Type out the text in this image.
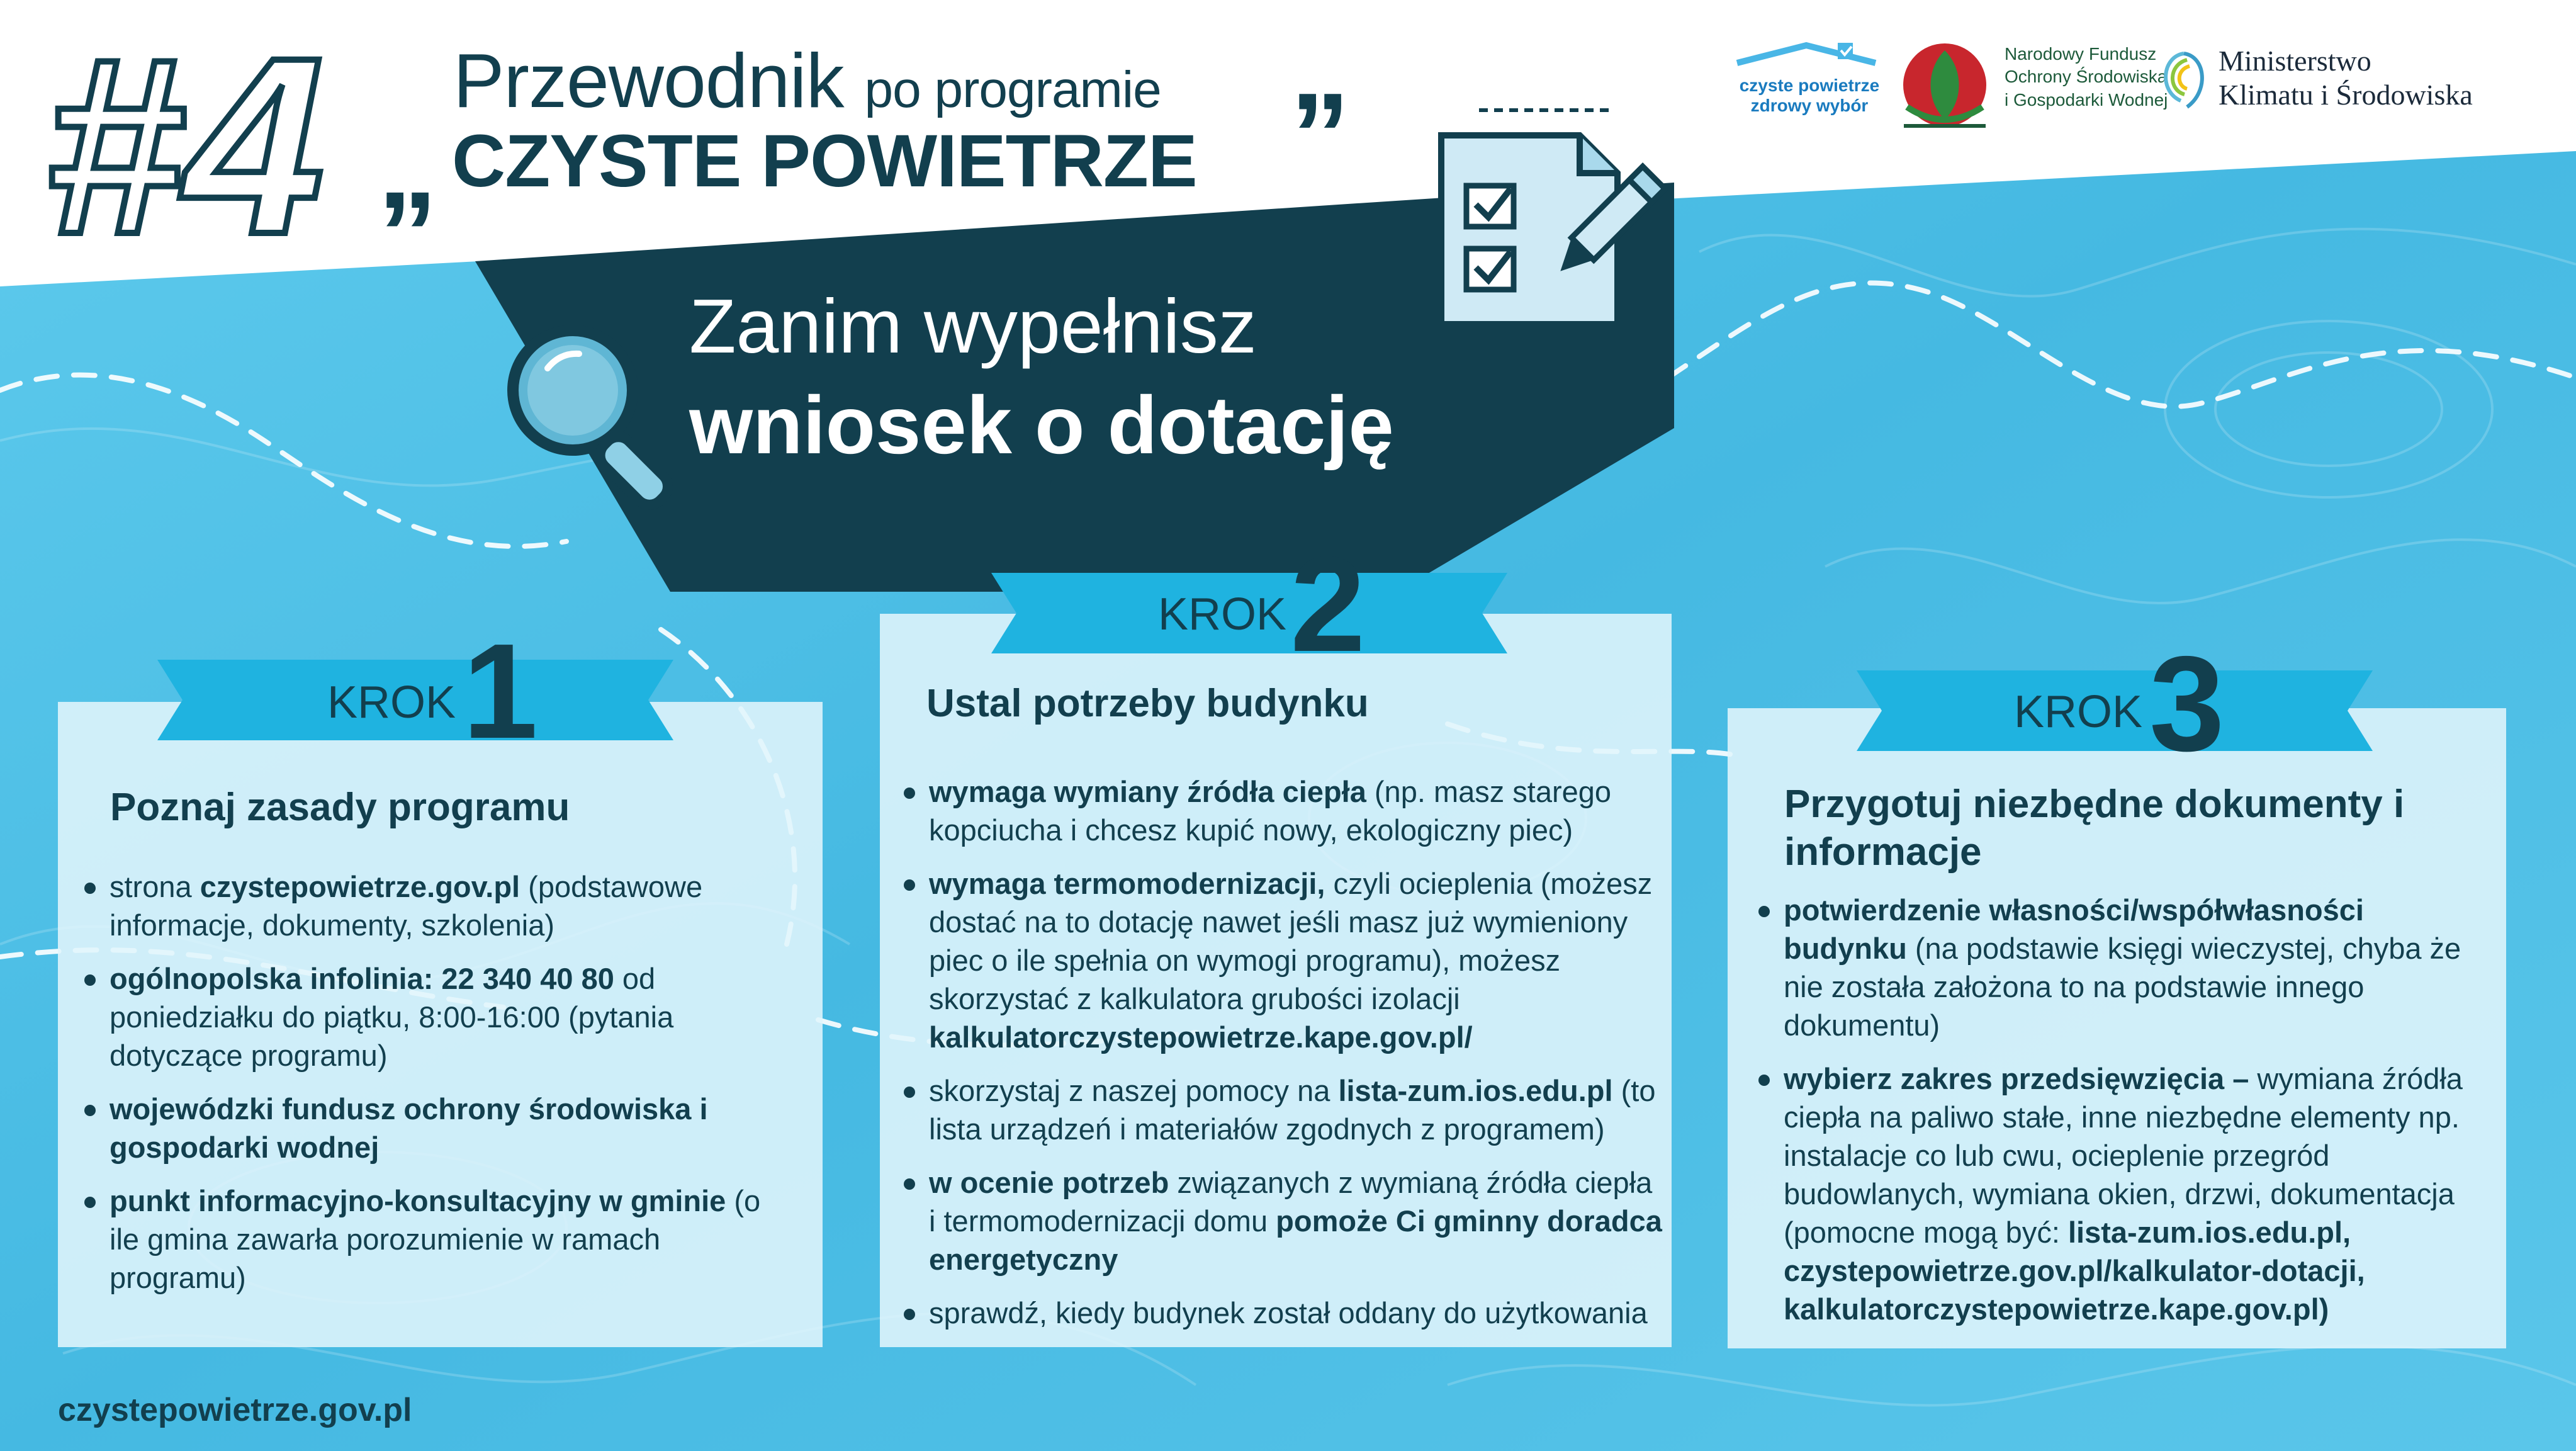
#4 „
Przewodnik po programie
CZYSTE POWIETRZE ”
Zanim wypełnisz
wniosek o dotację
czyste powietrze
zdrowy wybór
Narodowy Fundusz
Ochrony Środowiska
i Gospodarki Wodnej
Ministerstwo
Klimatu i Środowiska
KROK 1
Poznaj zasady programu
strona czystepowietrze.gov.pl (podstawowe informacje, dokumenty, szkolenia)
ogólnopolska infolinia: 22 340 40 80 od poniedziałku do piątku, 8:00-16:00 (pytania dotyczące programu)
wojewódzki fundusz ochrony środowiska i gospodarki wodnej
punkt informacyjno-konsultacyjny w gminie (o ile gmina zawarła porozumienie w ramach programu)
KROK 2
Ustal potrzeby budynku
wymaga wymiany źródła ciepła (np. masz starego kopciucha i chcesz kupić nowy, ekologiczny piec)
wymaga termomodernizacji, czyli ocieplenia (możesz dostać na to dotację nawet jeśli masz już wymieniony piec o ile spełnia on wymogi programu), możesz skorzystać z kalkulatora grubości izolacji kalkulatorczystepowietrze.kape.gov.pl/
skorzystaj z naszej pomocy na lista-zum.ios.edu.pl (to lista urządzeń i materiałów zgodnych z programem)
w ocenie potrzeb związanych z wymianą źródła ciepła i termomodernizacji domu pomoże Ci gminny doradca energetyczny
sprawdź, kiedy budynek został oddany do użytkowania
KROK 3
Przygotuj niezbędne dokumenty i informacje
potwierdzenie własności/współwłasności budynku (na podstawie księgi wieczystej, chyba że nie została założona to na podstawie innego dokumentu)
wybierz zakres przedsięwzięcia – wymiana źródła ciepła na paliwo stałe, inne niezbędne elementy np. instalacje co lub cwu, ocieplenie przegród budowlanych, wymiana okien, drzwi, dokumentacja (pomocne mogą być: lista-zum.ios.edu.pl, czystepowietrze.gov.pl/kalkulator-dotacji, kalkulatorczystepowietrze.kape.gov.pl)
czystepowietrze.gov.pl
